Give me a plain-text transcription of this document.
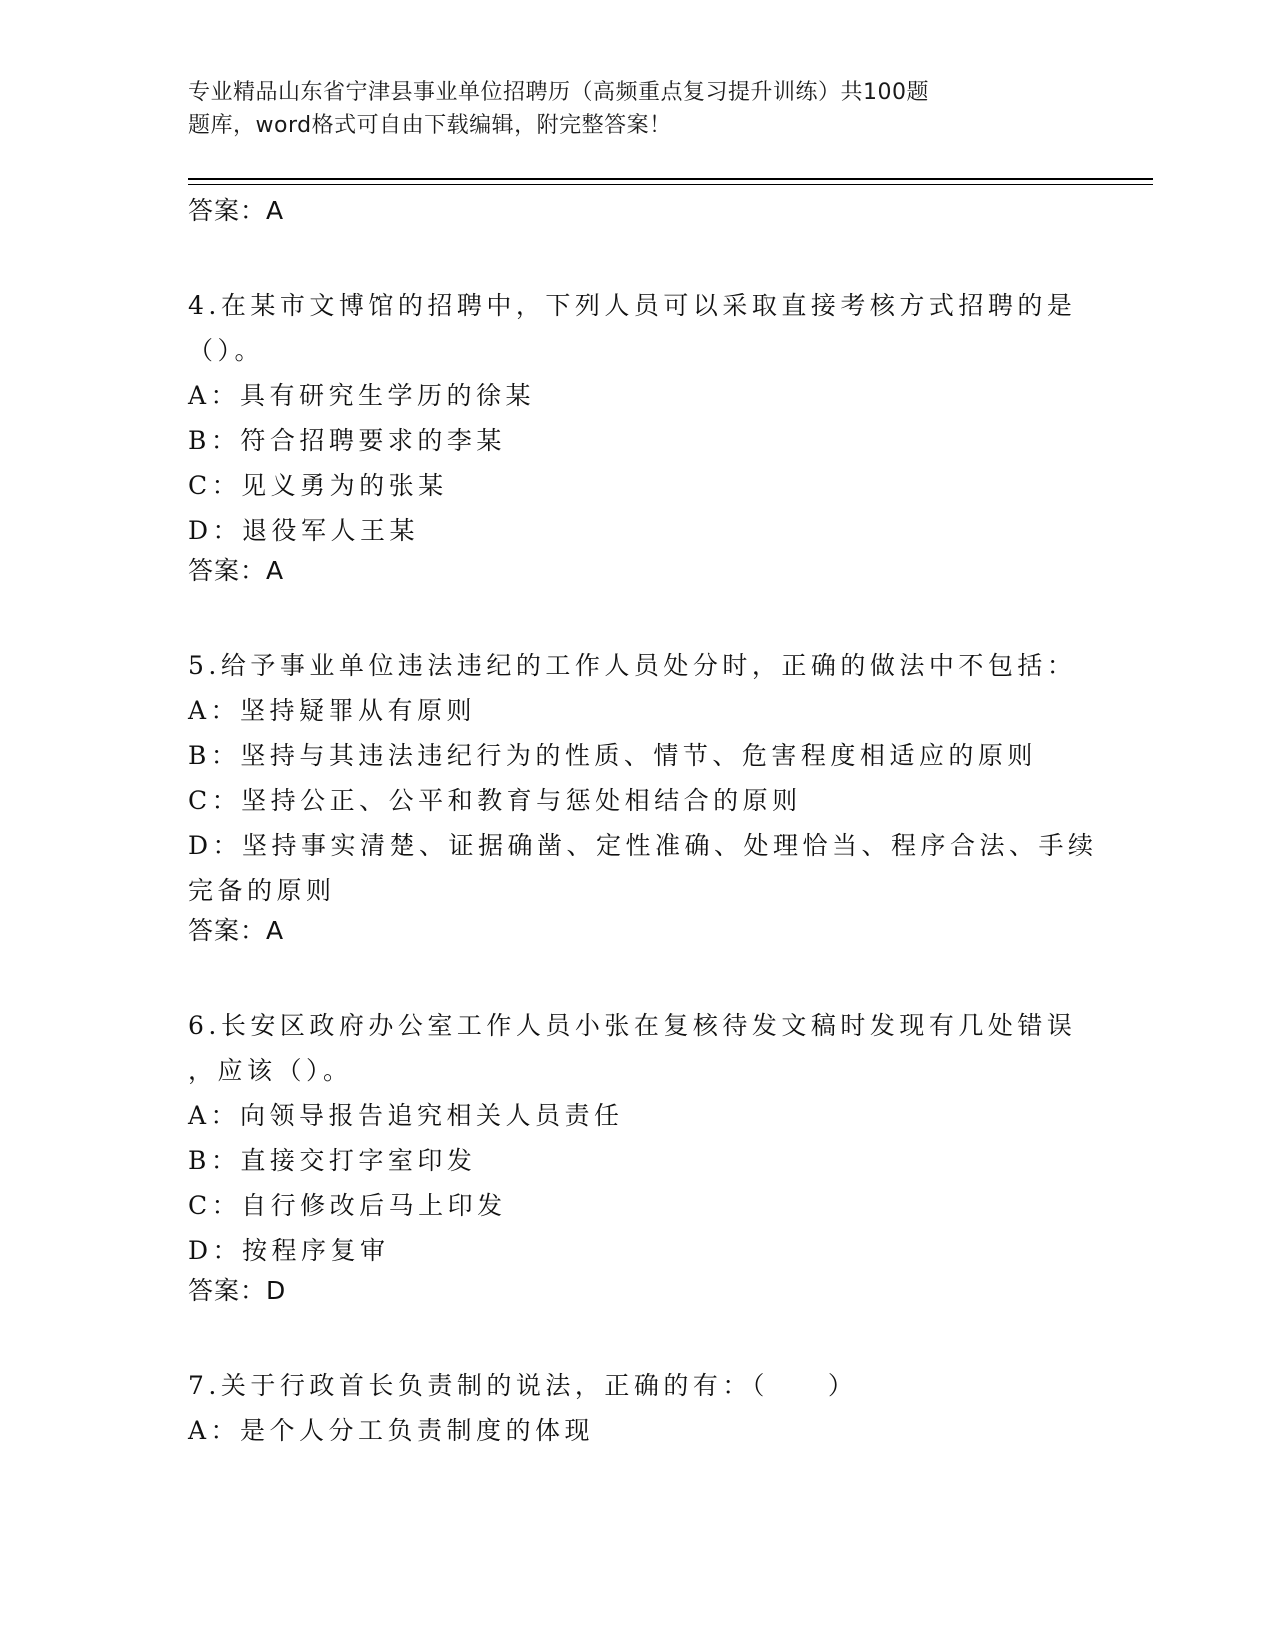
专业精品山东省宁津县事业单位招聘历（高频重点复习提升训练）共100题
题库，word格式可自由下载编辑，附完整答案！

答案：A

4.在某市文博馆的招聘中，下列人员可以采取直接考核方式招聘的是

（）。

A：具有研究生学历的徐某

B：符合招聘要求的李某

C：见义勇为的张某

D：退役军人王某

答案：A

5.给予事业单位违法违纪的工作人员处分时，正确的做法中不包括：

A：坚持疑罪从有原则

B：坚持与其违法违纪行为的性质、情节、危害程度相适应的原则

C：坚持公正、公平和教育与惩处相结合的原则

D：坚持事实清楚、证据确凿、定性准确、处理恰当、程序合法、手续

完备的原则

答案：A

6.长安区政府办公室工作人员小张在复核待发文稿时发现有几处错误

，应该（）。

A：向领导报告追究相关人员责任

B：直接交打字室印发

C：自行修改后马上印发

D：按程序复审

答案：D

7.关于行政首长负责制的说法，正确的有：（　　）

A：是个人分工负责制度的体现
